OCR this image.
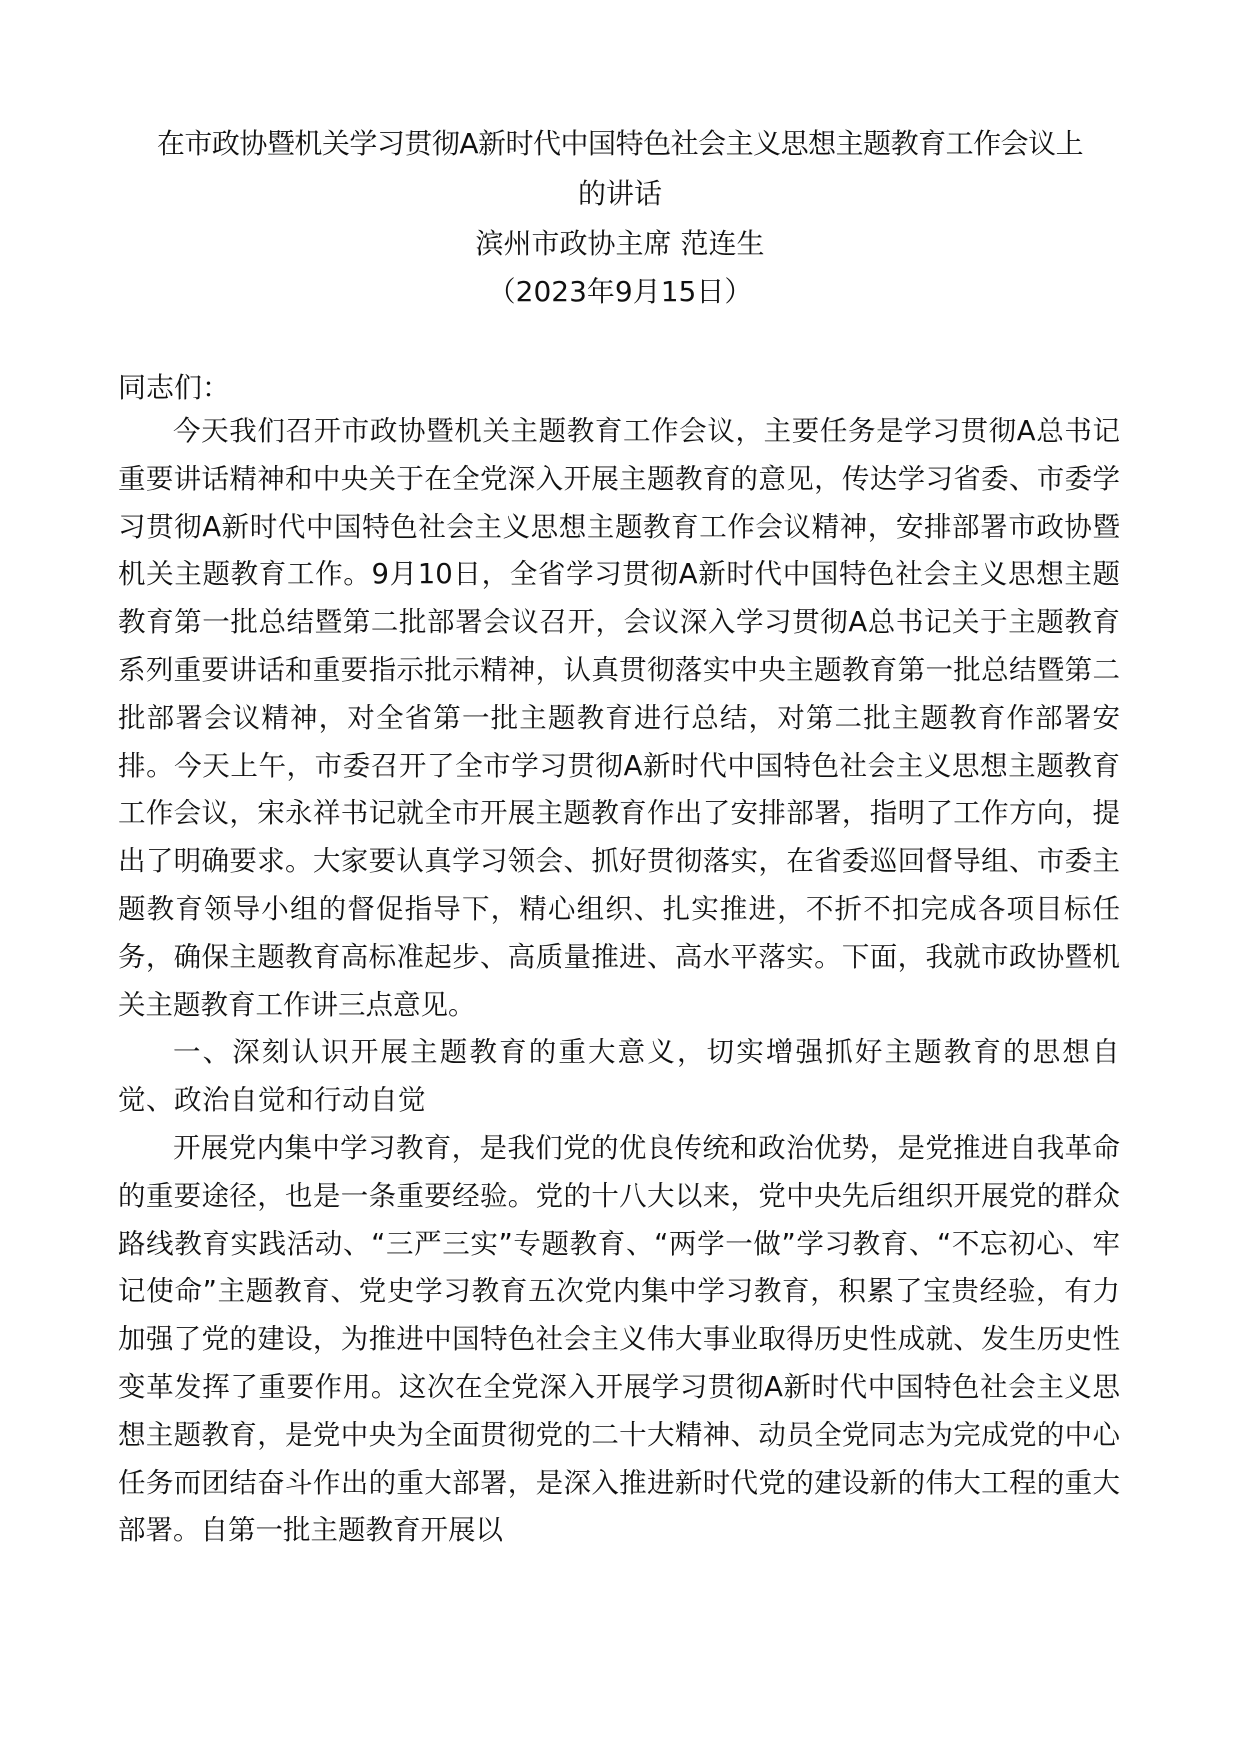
在市政协暨机关学习贯彻A新时代中国特色社会主义思想主题教育工作会议上
的讲话
滨州市政协主席 范连生
（2023年9月15日）
同志们：

今天我们召开市政协暨机关主题教育工作会议，主要任务是学习贯彻A总书记重要讲话精神和中央关于在全党深入开展主题教育的意见，传达学习省委、市委学习贯彻A新时代中国特色社会主义思想主题教育工作会议精神，安排部署市政协暨机关主题教育工作。9月10日，全省学习贯彻A新时代中国特色社会主义思想主题教育第一批总结暨第二批部署会议召开，会议深入学习贯彻A总书记关于主题教育系列重要讲话和重要指示批示精神，认真贯彻落实中央主题教育第一批总结暨第二批部署会议精神，对全省第一批主题教育进行总结，对第二批主题教育作部署安排。今天上午，市委召开了全市学习贯彻A新时代中国特色社会主义思想主题教育工作会议，宋永祥书记就全市开展主题教育作出了安排部署，指明了工作方向，提出了明确要求。大家要认真学习领会、抓好贯彻落实，在省委巡回督导组、市委主题教育领导小组的督促指导下，精心组织、扎实推进，不折不扣完成各项目标任务，确保主题教育高标准起步、高质量推进、高水平落实。下面，我就市政协暨机关主题教育工作讲三点意见。

一、深刻认识开展主题教育的重大意义，切实增强抓好主题教育的思想自觉、政治自觉和行动自觉

开展党内集中学习教育，是我们党的优良传统和政治优势，是党推进自我革命的重要途径，也是一条重要经验。党的十八大以来，党中央先后组织开展党的群众路线教育实践活动、“三严三实”专题教育、“两学一做”学习教育、“不忘初心、牢记使命”主题教育、党史学习教育五次党内集中学习教育，积累了宝贵经验，有力加强了党的建设，为推进中国特色社会主义伟大事业取得历史性成就、发生历史性变革发挥了重要作用。这次在全党深入开展学习贯彻A新时代中国特色社会主义思想主题教育，是党中央为全面贯彻党的二十大精神、动员全党同志为完成党的中心任务而团结奋斗作出的重大部署，是深入推进新时代党的建设新的伟大工程的重大部署。自第一批主题教育开展以
